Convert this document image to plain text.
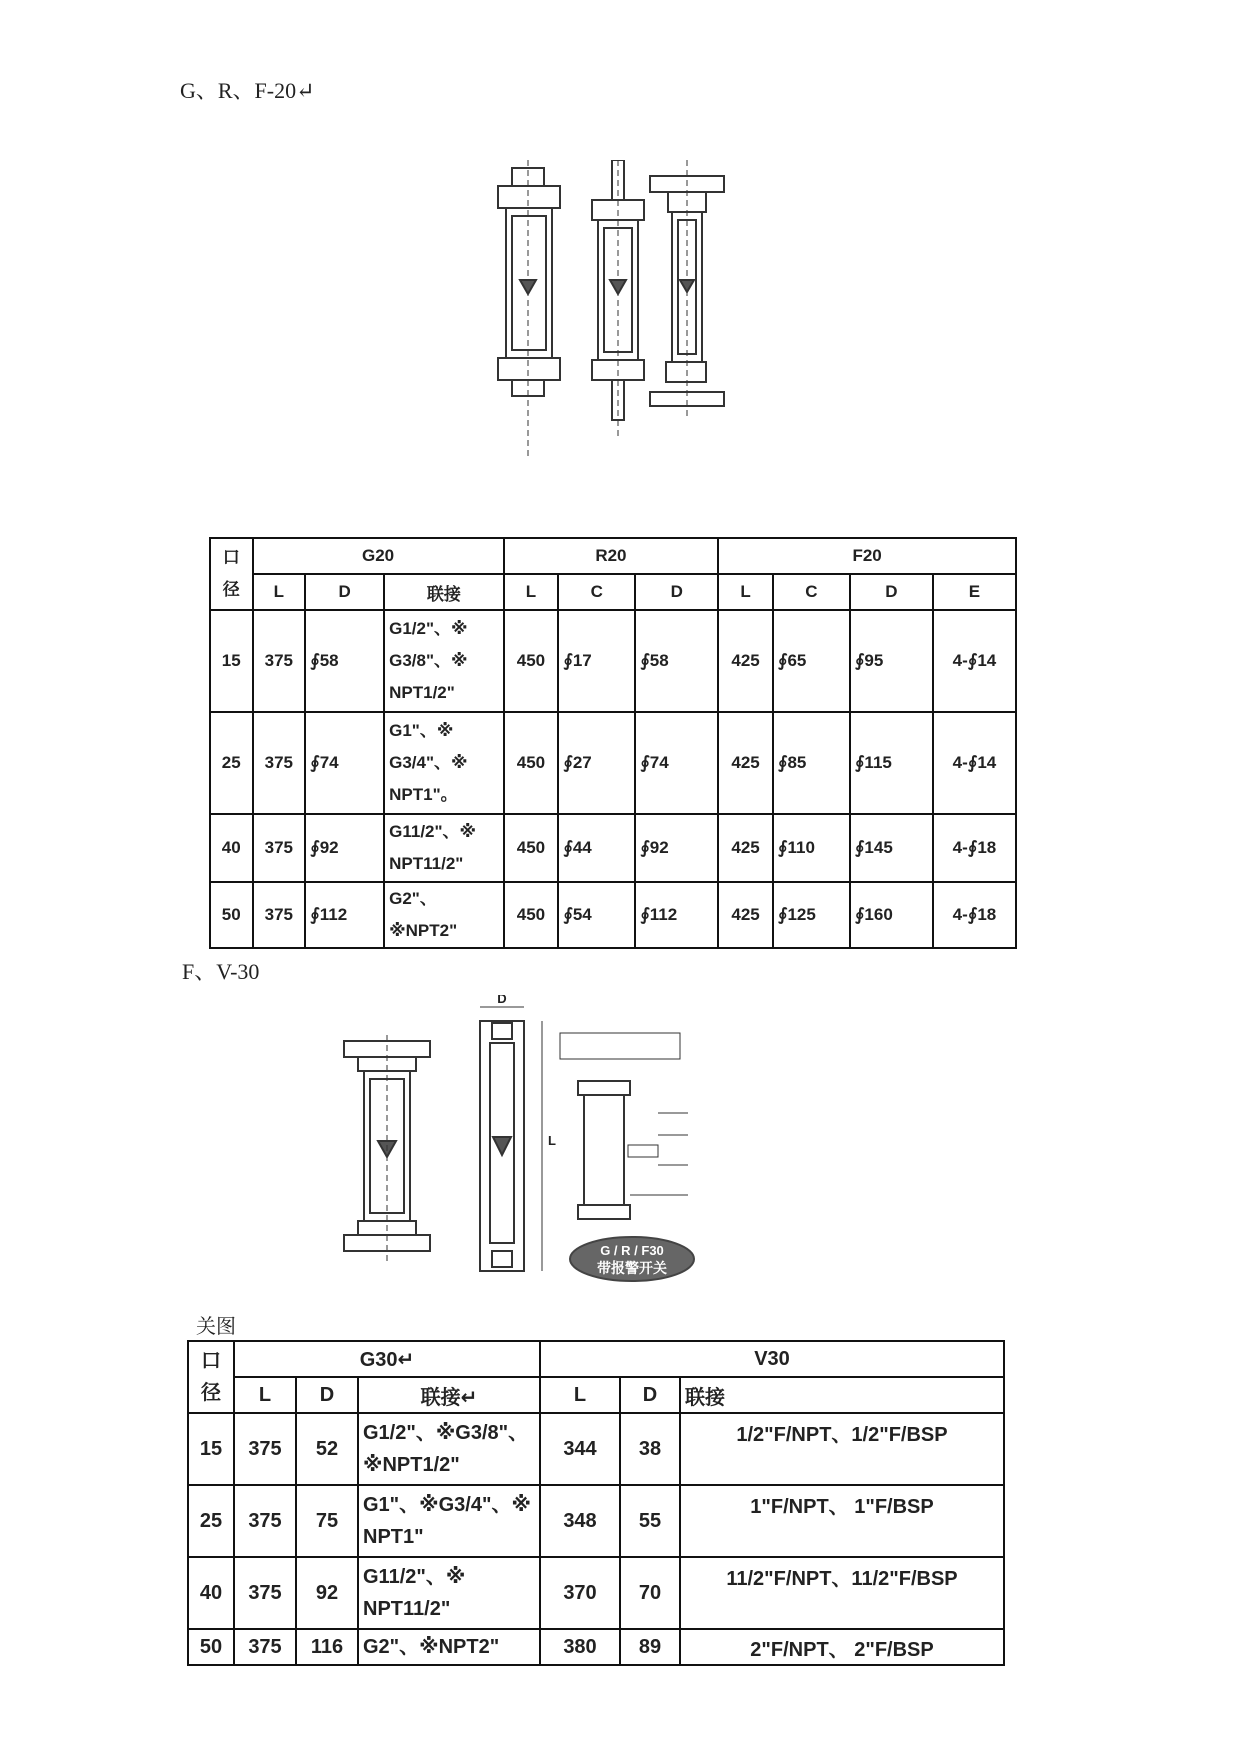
G、R、F-20↵
口
径	G20			R20			F20			
	L	D	联接	L	C	D	L	C	D	E
15	375	∮58	G1/2"、※
G3/8"、※
NPT1/2"	450	∮17	∮58	425	∮65	∮95	4-∮14
25	375	∮74	G1"、※
G3/4"、※
NPT1"。	450	∮27	∮74	425	∮85	∮115	4-∮14
40	375	∮92	G11/2"、※
NPT11/2"	450	∮44	∮92	425	∮110	∮145	4-∮18
50	375	∮112	G2"、※NPT2"	450	∮54	∮112	425	∮125	∮160	4-∮18
F、V-30
D
L
G / R / F30
带报警开关
关图
口
径	G30↵			V30		
	L	D	联接↵	L	D	联接
15	375	52	G1/2"、※G3/8"、
※NPT1/2"	344	38	1/2"F/NPT、1/2"F/BSP
25	375	75	G1"、※G3/4"、※
NPT1"	348	55	1"F/NPT、 1"F/BSP
40	375	92	G11/2"、※
NPT11/2"	370	70	11/2"F/NPT、11/2"F/BSP
50	375	116	G2"、※NPT2"	380	89	2"F/NPT、 2"F/BSP
